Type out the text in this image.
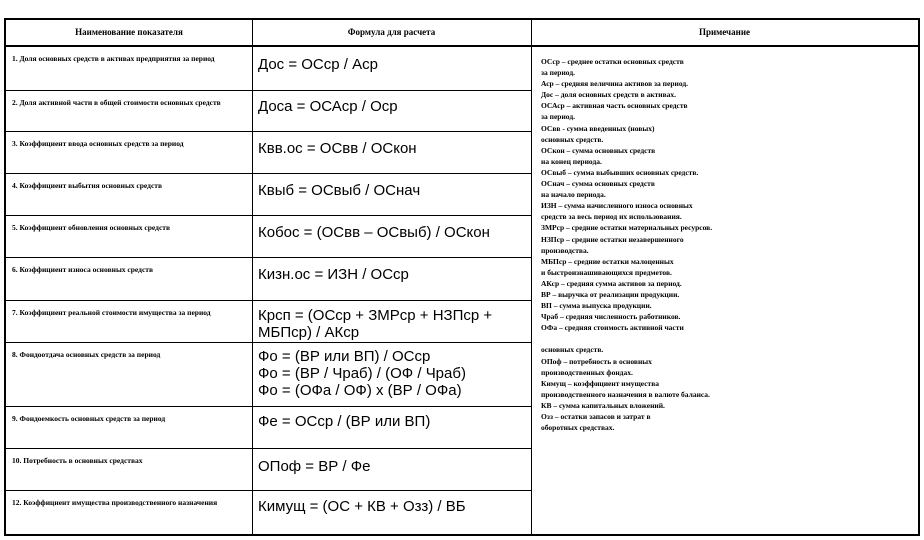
Наименование показателя	Формула для расчета	Примечание
1. Доля основных средств в активах предприятия за период	Дос = ОСср / Аср
2. Доля активной части в общей стоимости основных средств	Доса = ОСАср / Оср
3. Коэффициент ввода основных средств за период	Квв.ос = ОСвв / ОСкон
4. Коэффициент выбытия основных средств	Квыб = ОСвыб / ОСнач
5. Коэффициент обновления основных средств	Кобос = (ОСвв – ОСвыб) / ОСкон
6. Коэффициент износа основных средств	Кизн.ос = ИЗН / ОСср
7. Коэффициент реальной стоимости имущества за период	Крсп = (ОСср + ЗМРср + НЗПср + МБПср) / АКср
8. Фондоотдача основных средств за период	Фо = (ВР или ВП) / ОСср
Фо = (ВР / Чраб) / (ОФ / Чраб)
Фо = (ОФа / ОФ) х (ВР / ОФа)
9. Фондоемкость основных средств за период	Фе = ОСср / (ВР или ВП)
10. Потребность в основных средствах	ОПоф = ВР / Фе
12. Коэффициент имущества производственного назначения	Кимущ = (ОС + КВ + Озз) / ВБ
ОСср – среднее остатки основных средств
за период.
Аср – средняя величина активов за период.
Дос – доля основных средств в активах.
ОСАср – активная часть основных средств
за период.
ОСвв - сумма введенных (новых)
основных средств.
ОСкон – сумма основных средств
на конец периода.
ОСвыб – сумма выбывших основных средств.
ОСнач – сумма основных средств
на начало периода.
ИЗН – сумма начисленного износа основных
средств за весь период их использования.
ЗМРср – средние остатки материальных ресурсов.
НЗПср – средние остатки незавершенного
производства.
МБПср – средние остатки малоценных
и быстроизнашивающихся предметов.
АКср – средняя сумма активов за период.
ВР – выручка от реализации продукции.
ВП – сумма выпуска продукции.
Чраб – средняя численность работников.
ОФа – средняя стоимость активной части

основных средств.
ОПоф – потребность в основных
производственных фондах.
Кимущ – коэффициент имущества
производственного назначения в валюте баланса.
КВ – сумма капитальных вложений.
Озз – остатки запасов и затрат в
оборотных средствах.
